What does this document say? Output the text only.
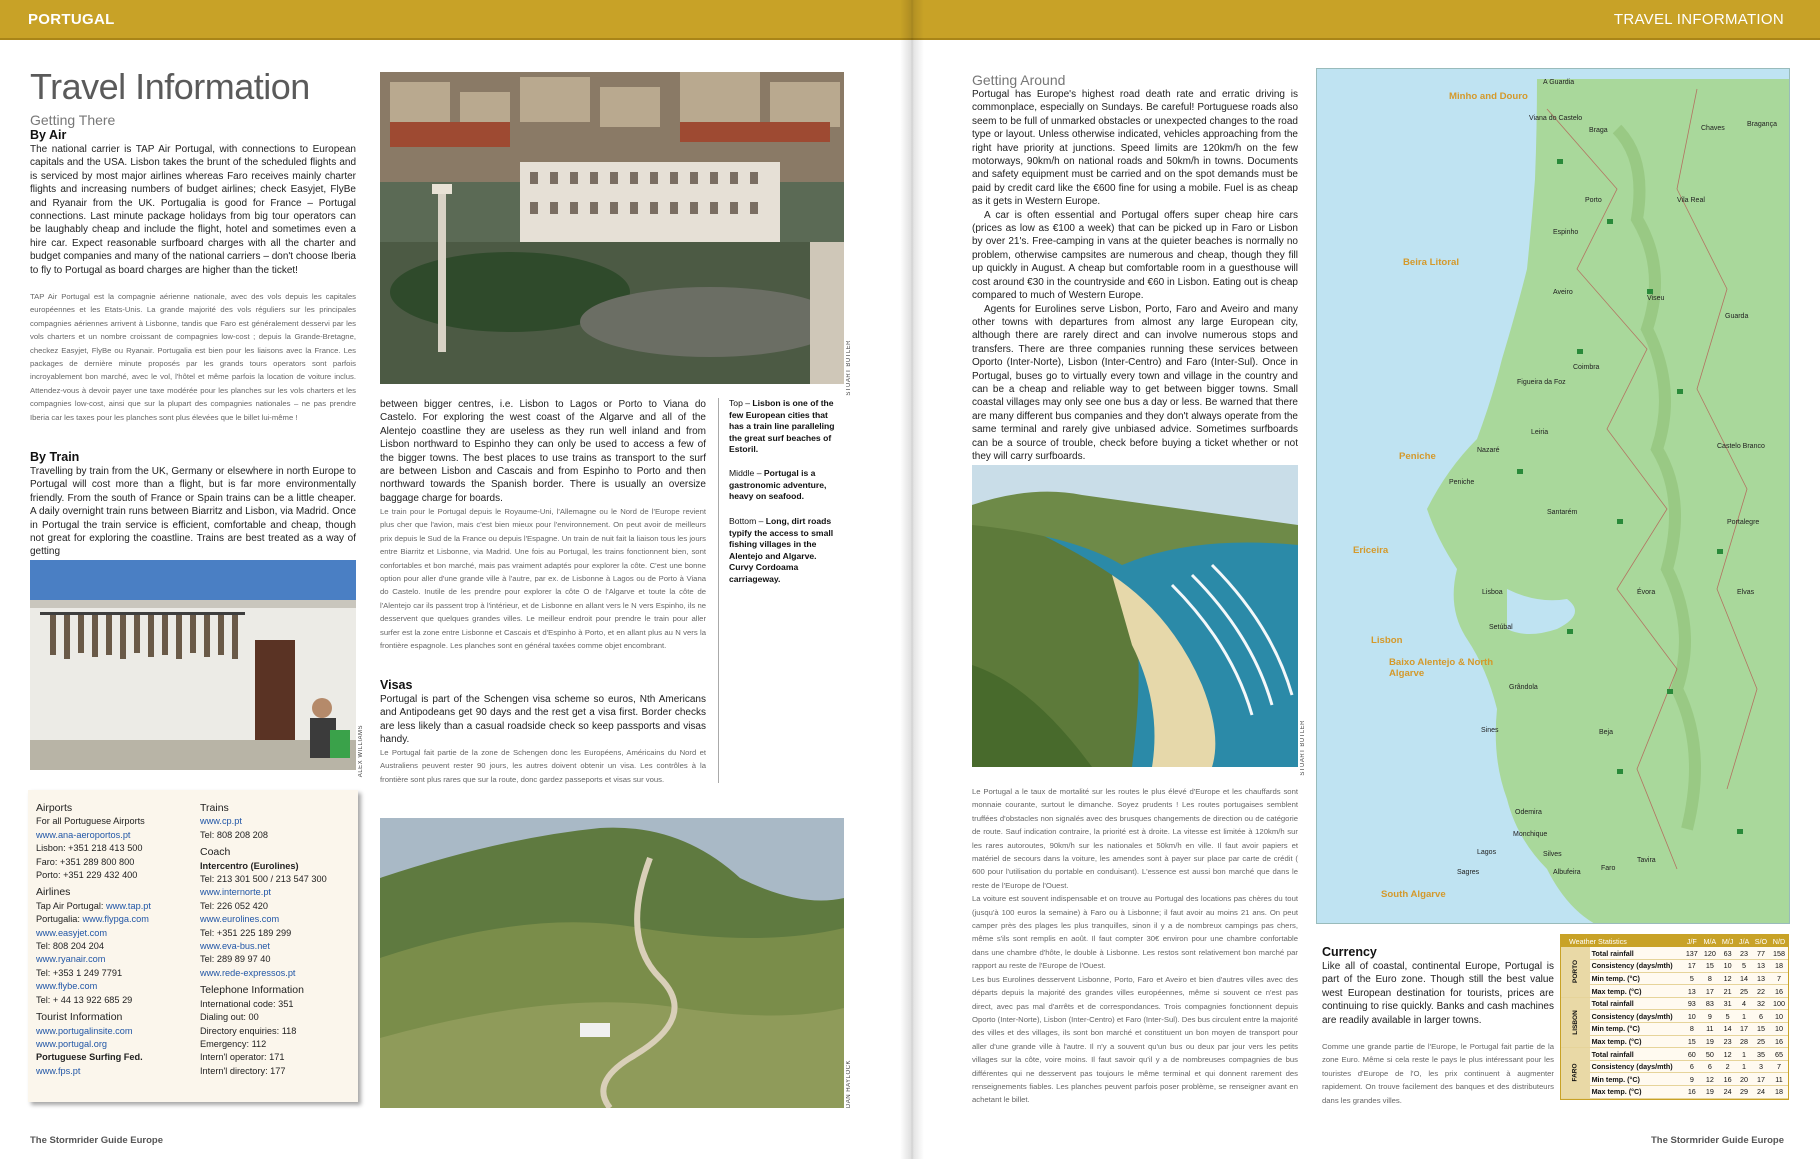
PORTUGAL
Travel Information
Getting There
By Air
The national carrier is TAP Air Portugal, with connections to European capitals and the USA. Lisbon takes the brunt of the scheduled flights and is serviced by most major airlines whereas Faro receives mainly charter flights and increasing numbers of budget airlines; check Easyjet, FlyBe and Ryanair from the UK. Portugalia is good for France – Portugal connections. Last minute package holidays from big tour operators can be laughably cheap and include the flight, hotel and sometimes even a hire car. Expect reasonable surfboard charges with all the charter and budget companies and many of the national carriers – don't choose Iberia to fly to Portugal as board charges are higher than the ticket!
TAP Air Portugal est la compagnie aérienne nationale, avec des vols depuis les capitales européennes et les Etats-Unis. La grande majorité des vols réguliers sur les principales compagnies aériennes arrivent à Lisbonne, tandis que Faro est généralement desservi par les vols charters et un nombre croissant de compagnies low-cost ; depuis la Grande-Bretagne, checkez Easyjet, FlyBe ou Ryanair. Portugalia est bien pour les liaisons avec la France. Les packages de dernière minute proposés par les grands tours operators sont parfois incroyablement bon marché, avec le vol, l'hôtel et même parfois la location de voiture inclus. Attendez-vous à devoir payer une taxe modérée pour les planches sur les vols charters et les compagnies low-cost, ainsi que sur la plupart des compagnies nationales – ne pas prendre Iberia car les taxes pour les planches sont plus élevées que le billet lui-même !
By Train
Travelling by train from the UK, Germany or elsewhere in north Europe to Portugal will cost more than a flight, but is far more environmentally friendly. From the south of France or Spain trains can be a little cheaper. A daily overnight train runs between Biarritz and Lisbon, via Madrid. Once in Portugal the train service is efficient, comfortable and cheap, though not great for exploring the coastline. Trains are best treated as a way of getting
STUART BUTLER
between bigger centres, i.e. Lisbon to Lagos or Porto to Viana do Castelo. For exploring the west coast of the Algarve and all of the Alentejo coastline they are useless as they run well inland and from Lisbon northward to Espinho they can only be used to access a few of the bigger towns. The best places to use trains as transport to the surf are between Lisbon and Cascais and from Espinho to Porto and then northward towards the Spanish border. There is usually an oversize baggage charge for boards.
Le train pour le Portugal depuis le Royaume-Uni, l'Allemagne ou le Nord de l'Europe revient plus cher que l'avion, mais c'est bien mieux pour l'environnement. On peut avoir de meilleurs prix depuis le Sud de la France ou depuis l'Espagne. Un train de nuit fait la liaison tous les jours entre Biarritz et Lisbonne, via Madrid. Une fois au Portugal, les trains fonctionnent bien, sont confortables et bon marché, mais pas vraiment adaptés pour explorer la côte. C'est une bonne option pour aller d'une grande ville à l'autre, par ex. de Lisbonne à Lagos ou de Porto à Viana do Castelo. Inutile de les prendre pour explorer la côte O de l'Algarve et toute la côte de l'Alentejo car ils passent trop à l'intérieur, et de Lisbonne en allant vers le N vers Espinho, ils ne desservent que quelques grandes villes. Le meilleur endroit pour prendre le train pour aller surfer est la zone entre Lisbonne et Cascais et d'Espinho à Porto, et en allant plus au N vers la frontière espagnole. Les planches sont en général taxées comme objet encombrant.
Visas
Portugal is part of the Schengen visa scheme so euros, Nth Americans and Antipodeans get 90 days and the rest get a visa first. Border checks are less likely than a casual roadside check so keep passports and visas handy.
Le Portugal fait partie de la zone de Schengen donc les Européens, Américains du Nord et Australiens peuvent rester 90 jours, les autres doivent obtenir un visa. Les contrôles à la frontière sont plus rares que sur la route, donc gardez passeports et visas sur vous.
Top – Lisbon is one of the few European cities that has a train line paralleling the great surf beaches of Estoril.
Middle – Portugal is a gastronomic adventure, heavy on seafood.
Bottom – Long, dirt roads typify the access to small fishing villages in the Alentejo and Algarve. Curvy Cordoama carriageway.
ALEX WILLIAMS
Airports
For all Portuguese Airports
www.ana-aeroportos.pt
Lisbon: +351 218 413 500
Faro: +351 289 800 800
Porto: +351 229 432 400
Airlines
Tap Air Portugal: www.tap.pt
Portugalia: www.flypga.com
www.easyjet.com
Tel: 808 204 204
www.ryanair.com
Tel: +353 1 249 7791
www.flybe.com
Tel: + 44 13 922 685 29
Tourist Information
www.portugalinsite.com
www.portugal.org
Portuguese Surfing Fed.
www.fps.pt
Trains
www.cp.pt
Tel: 808 208 208
Coach
Intercentro (Eurolines)
Tel: 213 301 500 / 213 547 300
www.internorte.pt
Tel: 226 052 420
www.eurolines.com
Tel: +351 225 189 299
www.eva-bus.net
Tel: 289 89 97 40
www.rede-expressos.pt
Telephone Information
International code: 351
Dialing out: 00
Directory enquiries: 118
Emergency: 112
Intern'l operator: 171
Intern'l directory: 177	DAN HAYLOCK
The Stormrider Guide Europe
TRAVEL INFORMATION
Getting Around

Portugal has Europe's highest road death rate and erratic driving is commonplace, especially on Sundays. Be careful! Portuguese roads also seem to be full of unmarked obstacles or unexpected changes to the road type or layout. Unless otherwise indicated, vehicles approaching from the right have priority at junctions. Speed limits are 120km/h on the few motorways, 90km/h on national roads and 50km/h in towns. Documents and safety equipment must be carried and on the spot demands must be paid by credit card like the €600 fine for using a mobile. Fuel is as cheap as it gets in Western Europe.

A car is often essential and Portugal offers super cheap hire cars (prices as low as €100 a week) that can be picked up in Faro or Lisbon by over 21's. Free-camping in vans at the quieter beaches is normally no problem, otherwise campsites are numerous and cheap, though they fill up quickly in August. A cheap but comfortable room in a guesthouse will cost around €30 in the countryside and €60 in Lisbon. Eating out is cheap compared to much of Western Europe.

Agents for Eurolines serve Lisbon, Porto, Faro and Aveiro and many other towns with departures from almost any large European city, although there are rarely direct and can involve numerous stops and transfers. There are three companies running these services between Oporto (Inter-Norte), Lisbon (Inter-Centro) and Faro (Inter-Sul). Once in Portugal, buses go to virtually every town and village in the country and can be a cheap and reliable way to get between bigger towns. Small coastal villages may only see one bus a day or less. Be warned that there are many different bus companies and they don't always operate from the same terminal and rarely give unbiased advice. Sometimes surfboards can be a source of trouble, check before buying a ticket whether or not they will carry surfboards.

STUART BUTLER

Le Portugal a le taux de mortalité sur les routes le plus élevé d'Europe et les chauffards sont monnaie courante, surtout le dimanche. Soyez prudents ! Les routes portugaises semblent truffées d'obstacles non signalés avec des brusques changements de direction ou de catégorie de route. Sauf indication contraire, la priorité est à droite. La vitesse est limitée à 120km/h sur les rares autoroutes, 90km/h sur les nationales et 50km/h en ville. Il faut avoir papiers et matériel de secours dans la voiture, les amendes sont à payer sur place par carte de crédit ( 600 pour l'utilisation du portable en conduisant). L'essence est aussi bon marché que dans le reste de l'Europe de l'Ouest.

La voiture est souvent indispensable et on trouve au Portugal des locations pas chères du tout (jusqu'à 100 euros la semaine) à Faro ou à Lisbonne; il faut avoir au moins 21 ans. On peut camper près des plages les plus tranquilles, sinon il y a de nombreux campings pas chers, même s'ils sont remplis en août. Il faut compter 30€ environ pour une chambre confortable dans une chambre d'hôte, le double à Lisbonne. Les restos sont relativement bon marché par rapport au reste de l'Europe de l'Ouest.

Les bus Eurolines desservent Lisbonne, Porto, Faro et Aveiro et bien d'autres villes avec des départs depuis la majorité des grandes villes européennes, même si souvent ce n'est pas direct, avec pas mal d'arrêts et de correspondances. Trois compagnies fonctionnent depuis Oporto (Inter-Norte), Lisbon (Inter-Centro) et Faro (Inter-Sul). Des bus circulent entre la majorité des villes et des villages, ils sont bon marché et constituent un bon moyen de transport pour aller d'une grande ville à l'autre. Il n'y a souvent qu'un bus ou deux par jour vers les petits villages sur la côte, voire moins. Il faut savoir qu'il y a de nombreuses compagnies de bus différentes qui ne desservent pas toujours le même terminal et qui donnent rarement des renseignements fiables. Les planches peuvent parfois poser problème, se renseigner avant en achetant le billet.

Currency
Like all of coastal, continental Europe, Portugal is part of the Euro zone. Though still the best value west European destination for tourists, prices are continuing to rise quickly. Banks and cash machines are readily available in larger towns.
Comme une grande partie de l'Europe, le Portugal fait partie de la zone Euro. Même si cela reste le pays le plus intéressant pour les touristes d'Europe de l'O, les prix continuent à augmenter rapidement. On trouve facilement des banques et des distributeurs dans les grandes villes.
The Stormrider Guide Europe
Minho and Douro
Beira Litoral
Peniche
Ericeira
Lisbon
Baixo Alentejo & North Algarve
South Algarve
A Guardia
Viana do Castelo
Braga
Porto
Espinho
Aveiro
Coimbra
Figueira da Foz
Leiria
Nazaré
Peniche
Santarém
Lisboa
Setúbal
Sines	Beja
Odemira
Lagos
Faro
Tavira
Évora
Castelo Branco
Guarda
Viseu
Bragança
Vila Real
Chaves
Elvas
Portalegre
Silves
Sagres	Albufeira
Grândola
Monchique
Weather Statistics		J/F	M/A	M/J	J/A	S/O	N/D
PORTO	Total rainfall	137	120	63	23	77	158
	Consistency (days/mth)	17	15	10	5	13	18
	Min temp. (°C)	5	8	12	14	13	7
	Max temp. (°C)	13	17	21	25	22	16
LISBON	Total rainfall	93	83	31	4	32	100
	Consistency (days/mth)	10	9	5	1	6	10
	Min temp. (°C)	8	11	14	17	15	10
	Max temp. (°C)	15	19	23	28	25	16
FARO	Total rainfall	60	50	12	1	35	65
	Consistency (days/mth)	6	6	2	1	3	7
	Min temp. (°C)	9	12	16	20	17	11
	Max temp. (°C)	16	19	24	29	24	18
